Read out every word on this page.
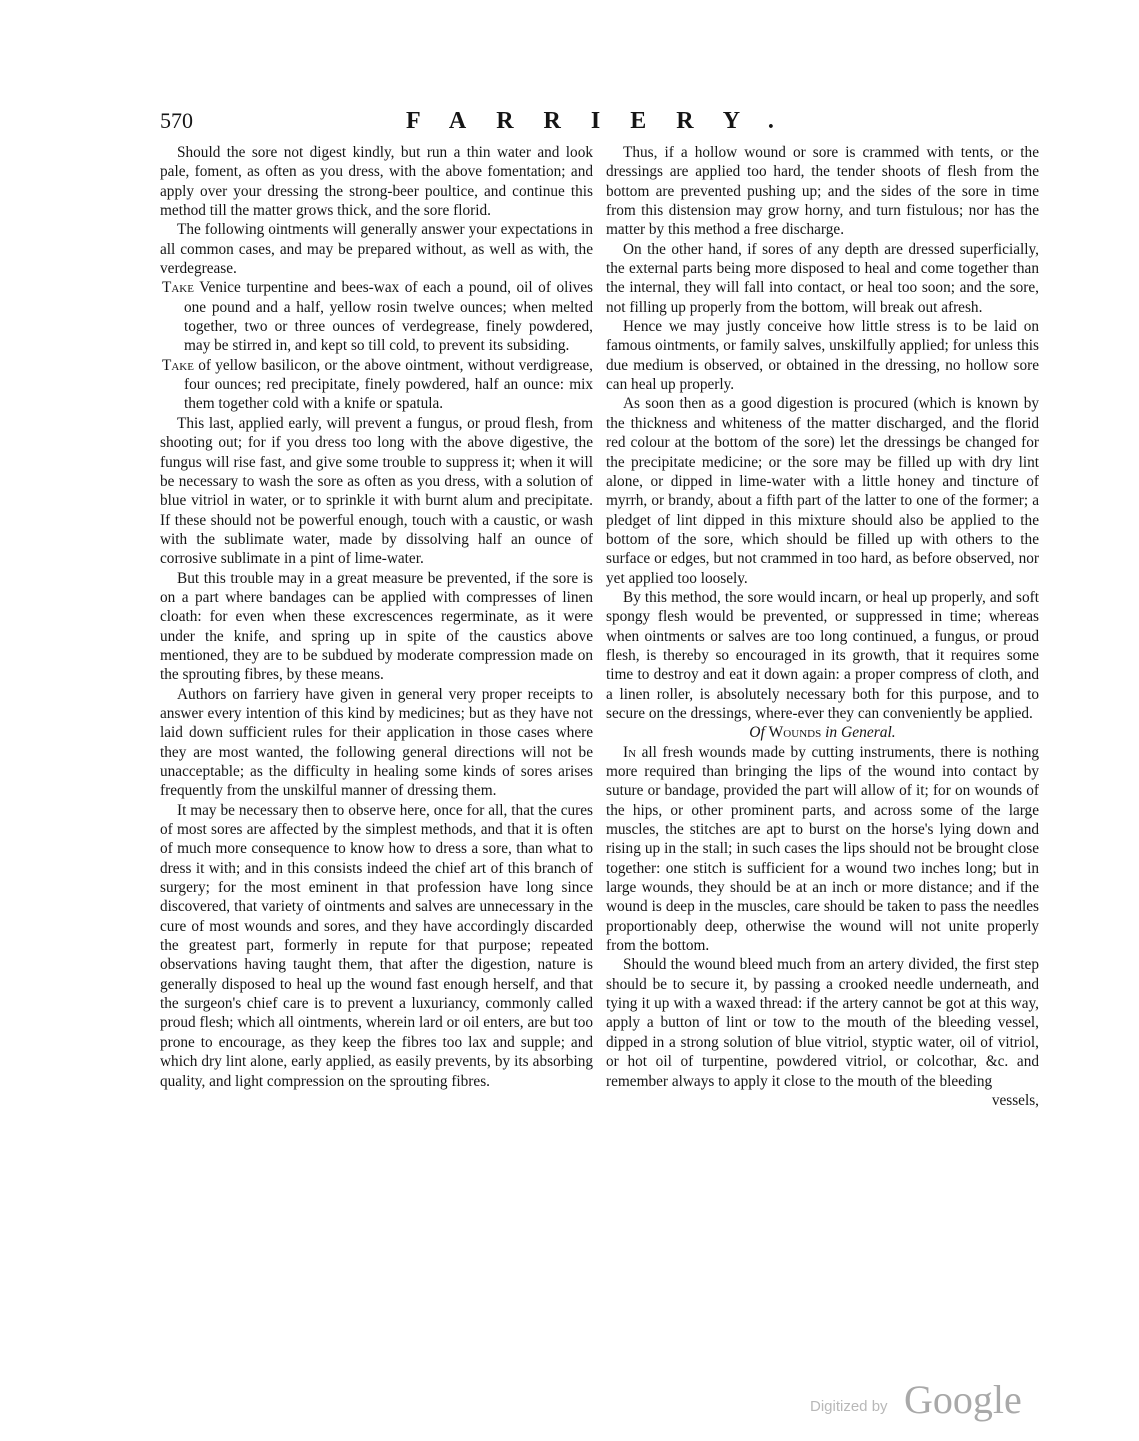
570	FARRIERY.

Should the sore not digest kindly, but run a thin water and look pale, foment, as often as you dress, with the above fomentation; and apply over your dressing the strong-beer poultice, and continue this method till the matter grows thick, and the sore florid.

The following ointments will generally answer your expectations in all common cases, and may be prepared without, as well as with, the verdegrease.

Take Venice turpentine and bees-wax of each a pound, oil of olives one pound and a half, yellow rosin twelve ounces; when melted together, two or three ounces of verdegrease, finely powdered, may be stirred in, and kept so till cold, to prevent its subsiding.

Take of yellow basilicon, or the above ointment, without verdigrease, four ounces; red precipitate, finely powdered, half an ounce: mix them together cold with a knife or spatula.

This last, applied early, will prevent a fungus, or proud flesh, from shooting out; for if you dress too long with the above digestive, the fungus will rise fast, and give some trouble to suppress it; when it will be necessary to wash the sore as often as you dress, with a solution of blue vitriol in water, or to sprinkle it with burnt alum and precipitate. If these should not be powerful enough, touch with a caustic, or wash with the sublimate water, made by dissolving half an ounce of corrosive sublimate in a pint of lime-water.

But this trouble may in a great measure be prevented, if the sore is on a part where bandages can be applied with compresses of linen cloath: for even when these excrescences regerminate, as it were under the knife, and spring up in spite of the caustics above mentioned, they are to be subdued by moderate compression made on the sprouting fibres, by these means.

Authors on farriery have given in general very proper receipts to answer every intention of this kind by medicines; but as they have not laid down sufficient rules for their application in those cases where they are most wanted, the following general directions will not be unacceptable; as the difficulty in healing some kinds of sores arises frequently from the unskilful manner of dressing them.

It may be necessary then to observe here, once for all, that the cures of most sores are affected by the simplest methods, and that it is often of much more consequence to know how to dress a sore, than what to dress it with; and in this consists indeed the chief art of this branch of surgery; for the most eminent in that profession have long since discovered, that variety of ointments and salves are unnecessary in the cure of most wounds and sores, and they have accordingly discarded the greatest part, formerly in repute for that purpose; repeated observations having taught them, that after the digestion, nature is generally disposed to heal up the wound fast enough herself, and that the surgeon's chief care is to prevent a luxuriancy, commonly called proud flesh; which all ointments, wherein lard or oil enters, are but too prone to encourage, as they keep the fibres too lax and supple; and which dry lint alone, early applied, as easily prevents, by its absorbing quality, and light compression on the sprouting fibres.

Thus, if a hollow wound or sore is crammed with tents, or the dressings are applied too hard, the tender shoots of flesh from the bottom are prevented pushing up; and the sides of the sore in time from this distension may grow horny, and turn fistulous; nor has the matter by this method a free discharge.

On the other hand, if sores of any depth are dressed superficially, the external parts being more disposed to heal and come together than the internal, they will fall into contact, or heal too soon; and the sore, not filling up properly from the bottom, will break out afresh.

Hence we may justly conceive how little stress is to be laid on famous ointments, or family salves, unskilfully applied; for unless this due medium is observed, or obtained in the dressing, no hollow sore can heal up properly.

As soon then as a good digestion is procured (which is known by the thickness and whiteness of the matter discharged, and the florid red colour at the bottom of the sore) let the dressings be changed for the precipitate medicine; or the sore may be filled up with dry lint alone, or dipped in lime-water with a little honey and tincture of myrrh, or brandy, about a fifth part of the latter to one of the former; a pledget of lint dipped in this mixture should also be applied to the bottom of the sore, which should be filled up with others to the surface or edges, but not crammed in too hard, as before observed, nor yet applied too loosely.

By this method, the sore would incarn, or heal up properly, and soft spongy flesh would be prevented, or suppressed in time; whereas when ointments or salves are too long continued, a fungus, or proud flesh, is thereby so encouraged in its growth, that it requires some time to destroy and eat it down again: a proper compress of cloth, and a linen roller, is absolutely necessary both for this purpose, and to secure on the dressings, where-ever they can conveniently be applied.

Of Wounds in General.

In all fresh wounds made by cutting instruments, there is nothing more required than bringing the lips of the wound into contact by suture or bandage, provided the part will allow of it; for on wounds of the hips, or other prominent parts, and across some of the large muscles, the stitches are apt to burst on the horse's lying down and rising up in the stall; in such cases the lips should not be brought close together: one stitch is sufficient for a wound two inches long; but in large wounds, they should be at an inch or more distance; and if the wound is deep in the muscles, care should be taken to pass the needles proportionably deep, otherwise the wound will not unite properly from the bottom.

Should the wound bleed much from an artery divided, the first step should be to secure it, by passing a crooked needle underneath, and tying it up with a waxed thread: if the artery cannot be got at this way, apply a button of lint or tow to the mouth of the bleeding vessel, dipped in a strong solution of blue vitriol, styptic water, oil of vitriol, or hot oil of turpentine, powdered vitriol, or colcothar, &c. and remember always to apply it close to the mouth of the bleeding

vessels,

Digitized by Google
